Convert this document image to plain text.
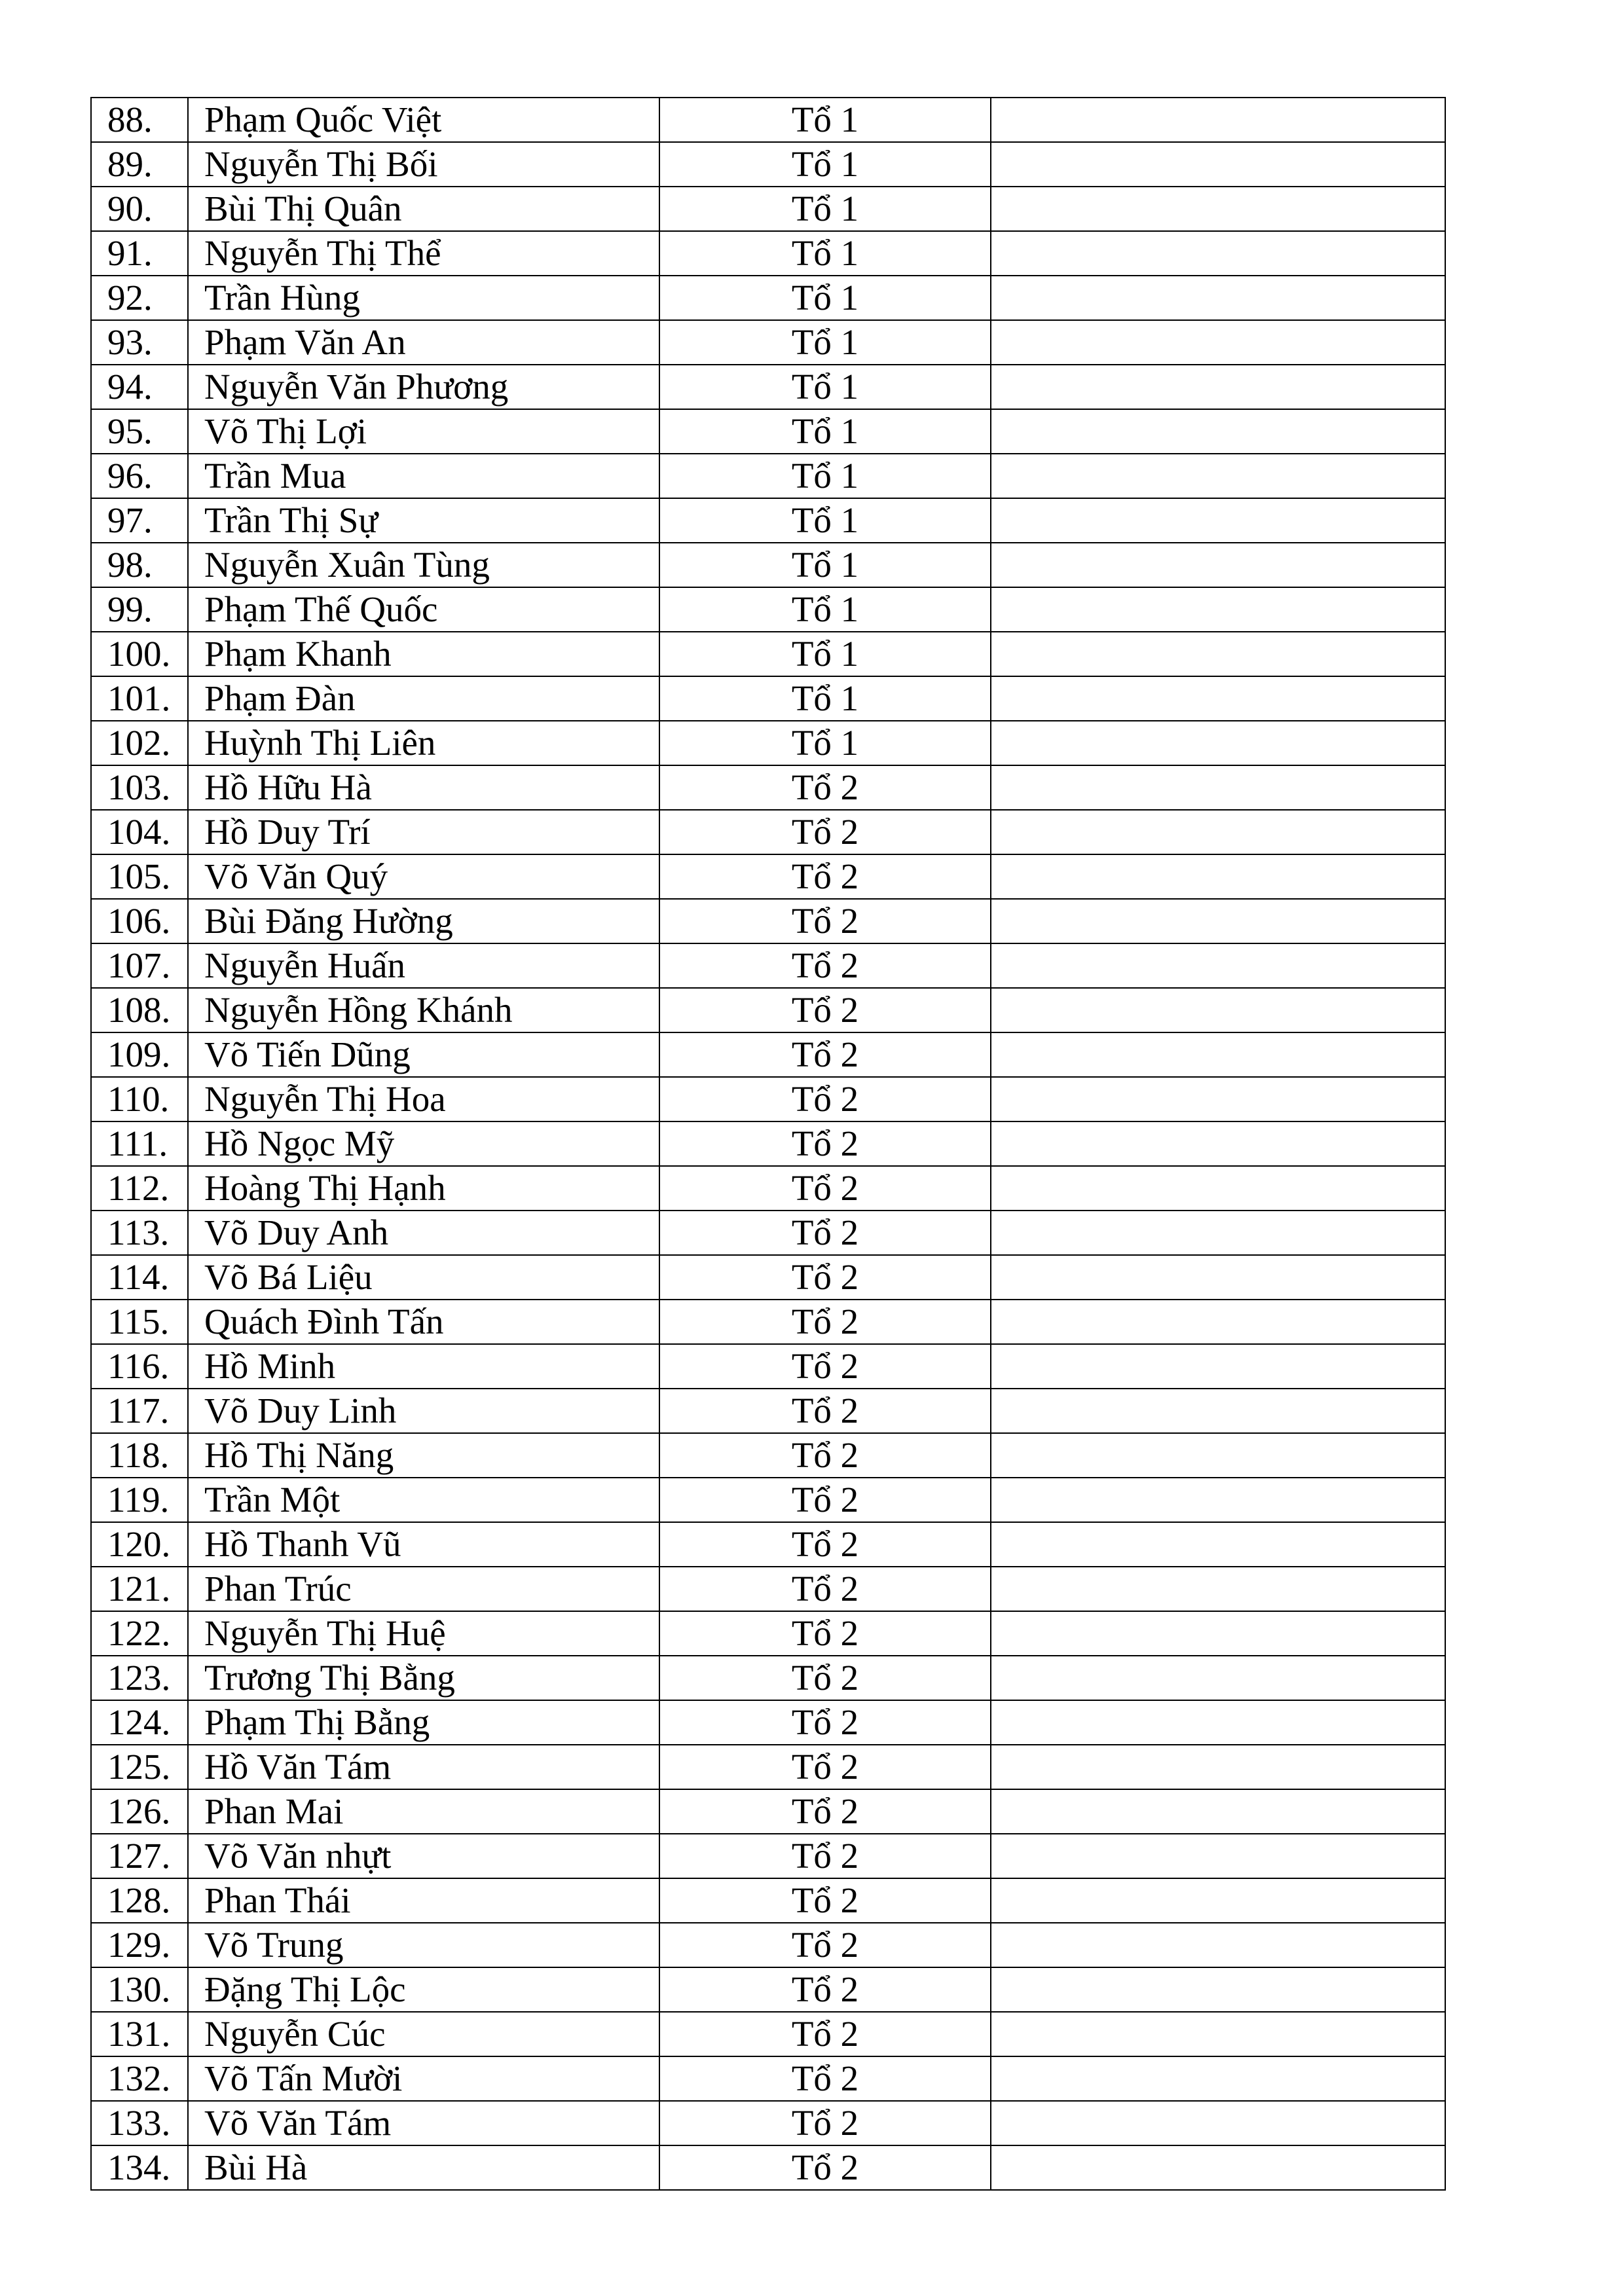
88.	Phạm Quốc Việt	Tổ 1	
89.	Nguyễn Thị Bối	Tổ 1	
90.	Bùi Thị Quân	Tổ 1	
91.	Nguyễn Thị Thể	Tổ 1	
92.	Trần Hùng	Tổ 1	
93.	Phạm Văn An	Tổ 1	
94.	Nguyễn Văn Phương	Tổ 1	
95.	Võ Thị Lợi	Tổ 1	
96.	Trần Mua	Tổ 1	
97.	Trần Thị Sự	Tổ 1	
98.	Nguyễn Xuân Tùng	Tổ 1	
99.	Phạm Thế Quốc	Tổ 1	
100.	Phạm Khanh	Tổ 1	
101.	Phạm Đàn	Tổ 1	
102.	Huỳnh Thị Liên	Tổ 1	
103.	Hồ Hữu Hà	Tổ 2	
104.	Hồ Duy Trí	Tổ 2	
105.	Võ Văn Quý	Tổ 2	
106.	Bùi Đăng Hường	Tổ 2	
107.	Nguyễn Huấn	Tổ 2	
108.	Nguyễn Hồng Khánh	Tổ 2	
109.	Võ Tiến Dũng	Tổ 2	
110.	Nguyễn Thị Hoa	Tổ 2	
111.	Hồ Ngọc Mỹ	Tổ 2	
112.	Hoàng Thị Hạnh	Tổ 2	
113.	Võ Duy Anh	Tổ 2	
114.	Võ Bá Liệu	Tổ 2	
115.	Quách Đình Tấn	Tổ 2	
116.	Hồ Minh	Tổ 2	
117.	Võ Duy Linh	Tổ 2	
118.	Hồ Thị Năng	Tổ 2	
119.	Trần Một	Tổ 2	
120.	Hồ Thanh Vũ	Tổ 2	
121.	Phan Trúc	Tổ 2	
122.	Nguyễn Thị Huệ	Tổ 2	
123.	Trương Thị Bằng	Tổ 2	
124.	Phạm Thị Bằng	Tổ 2	
125.	Hồ Văn Tám	Tổ 2	
126.	Phan Mai	Tổ 2	
127.	Võ Văn nhựt	Tổ 2	
128.	Phan Thái	Tổ 2	
129.	Võ Trung	Tổ 2	
130.	Đặng Thị Lộc	Tổ 2	
131.	Nguyễn Cúc	Tổ 2	
132.	Võ Tấn Mười	Tổ 2	
133.	Võ Văn Tám	Tổ 2	
134.	Bùi Hà	Tổ 2	
